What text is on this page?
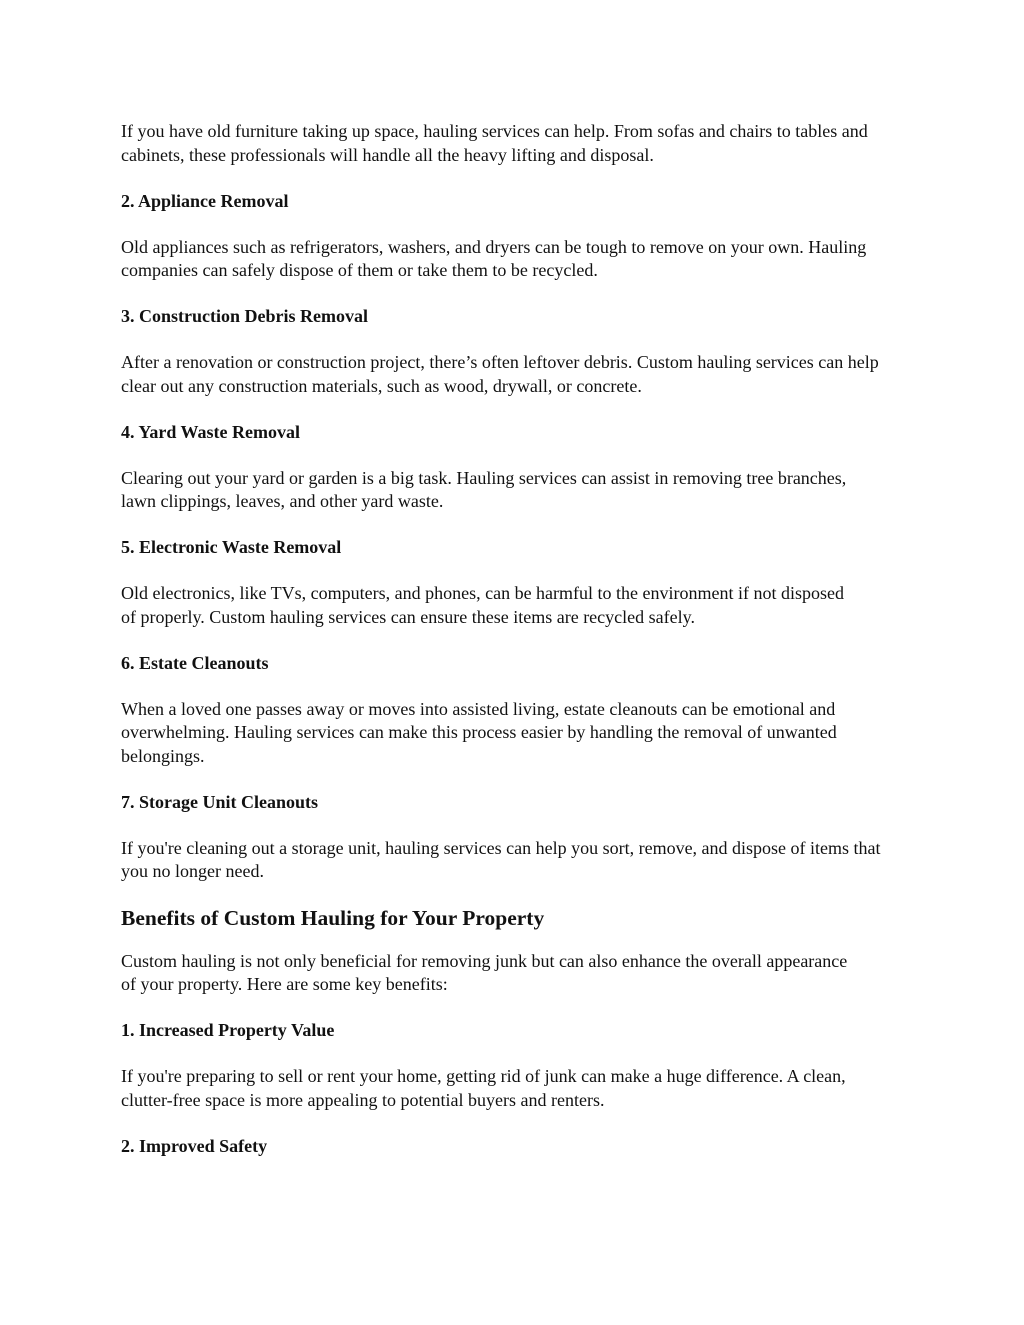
If you have old furniture taking up space, hauling services can help. From sofas and chairs to tables and cabinets, these professionals will handle all the heavy lifting and disposal.

2. Appliance Removal

Old appliances such as refrigerators, washers, and dryers can be tough to remove on your own. Hauling companies can safely dispose of them or take them to be recycled.

3. Construction Debris Removal

After a renovation or construction project, there’s often leftover debris. Custom hauling services can help clear out any construction materials, such as wood, drywall, or concrete.

4. Yard Waste Removal

Clearing out your yard or garden is a big task. Hauling services can assist in removing tree branches, lawn clippings, leaves, and other yard waste.

5. Electronic Waste Removal

Old electronics, like TVs, computers, and phones, can be harmful to the environment if not disposed of properly. Custom hauling services can ensure these items are recycled safely.

6. Estate Cleanouts

When a loved one passes away or moves into assisted living, estate cleanouts can be emotional and overwhelming. Hauling services can make this process easier by handling the removal of unwanted belongings.

7. Storage Unit Cleanouts

If you're cleaning out a storage unit, hauling services can help you sort, remove, and dispose of items that you no longer need.

Benefits of Custom Hauling for Your Property

Custom hauling is not only beneficial for removing junk but can also enhance the overall appearance of your property. Here are some key benefits:

1. Increased Property Value

If you're preparing to sell or rent your home, getting rid of junk can make a huge difference. A clean, clutter-free space is more appealing to potential buyers and renters.

2. Improved Safety
